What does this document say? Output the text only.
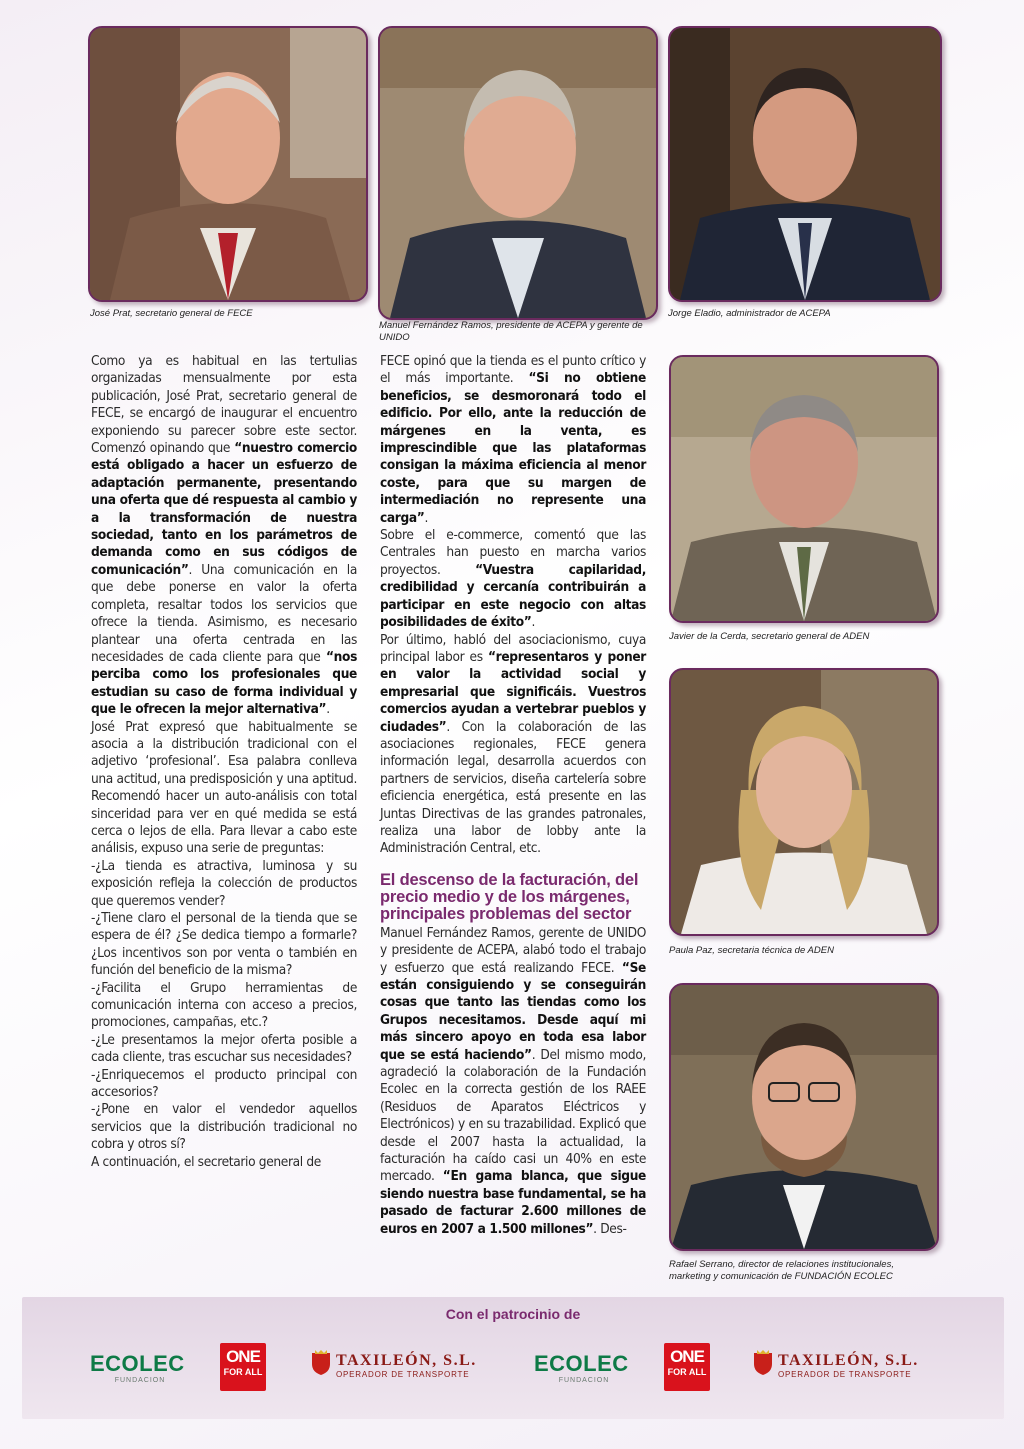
José Prat, secretario general de FECE
Manuel Fernández Ramos, presidente de ACEPA y gerente de UNIDO
Jorge Eladio, administrador de ACEPA
Javier de la Cerda, secretario general de ADEN
Paula Paz, secretaria técnica de ADEN
Rafael Serrano, director de relaciones institucionales,
marketing y comunicación de FUNDACIÓN ECOLEC

Como ya es habitual en las tertulias organizadas mensualmente por esta publicación, José Prat, secretario general de FECE, se encargó de inaugurar el encuentro exponiendo su parecer sobre este sector. Comenzó opinando que “nuestro comercio está obligado a hacer un esfuerzo de adaptación permanente, presentando una oferta que dé respuesta al cambio y a la transformación de nuestra sociedad, tanto en los parámetros de demanda como en sus códigos de comunicación”. Una comunicación en la que debe ponerse en valor la oferta completa, resaltar todos los servicios que ofrece la tienda. Asimismo, es necesario plantear una oferta centrada en las necesidades de cada cliente para que “nos perciba como los profesionales que estudian su caso de forma individual y que le ofrecen la mejor alternativa”.

José Prat expresó que habitualmente se asocia a la distribución tradicional con el adjetivo ‘profesional’. Esa palabra conlleva una actitud, una predisposición y una aptitud. Recomendó hacer un auto-análisis con total sinceridad para ver en qué medida se está cerca o lejos de ella. Para llevar a cabo este análisis, expuso una serie de preguntas:

-¿La tienda es atractiva, luminosa y su exposición refleja la colección de productos que queremos vender?

-¿Tiene claro el personal de la tienda que se espera de él? ¿Se dedica tiempo a formarle? ¿Los incentivos son por venta o también en función del beneficio de la misma?

-¿Facilita el Grupo herramientas de comunicación interna con acceso a precios, promociones, campañas, etc.?

-¿Le presentamos la mejor oferta posible a cada cliente, tras escuchar sus necesidades?

-¿Enriquecemos el producto principal con accesorios?

-¿Pone en valor el vendedor aquellos servicios que la distribución tradicional no cobra y otros sí?

A continuación, el secretario general de

FECE opinó que la tienda es el punto crítico y el más importante. “Si no obtiene beneficios, se desmoronará todo el edificio. Por ello, ante la reducción de márgenes en la venta, es imprescindible que las plataformas consigan la máxima eficiencia al menor coste, para que su margen de intermediación no represente una carga”.

Sobre el e-commerce, comentó que las Centrales han puesto en marcha varios proyectos. “Vuestra capilaridad, credibilidad y cercanía contribuirán a participar en este negocio con altas posibilidades de éxito”.

Por último, habló del asociacionismo, cuya principal labor es “representaros y poner en valor la actividad social y empresarial que significáis. Vuestros comercios ayudan a vertebrar pueblos y ciudades”. Con la colaboración de las asociaciones regionales, FECE genera información legal, desarrolla acuerdos con partners de servicios, diseña cartelería sobre eficiencia energética, está presente en las Juntas Directivas de las grandes patronales, realiza una labor de lobby ante la Administración Central, etc.

El descenso de la facturación, del precio medio y de los márgenes, principales problemas del sector

Manuel Fernández Ramos, gerente de UNIDO y presidente de ACEPA, alabó todo el trabajo y esfuerzo que está realizando FECE. “Se están consiguiendo y se conseguirán cosas que tanto las tiendas como los Grupos necesitamos. Desde aquí mi más sincero apoyo en toda esa labor que se está haciendo”. Del mismo modo, agradeció la colaboración de la Fundación Ecolec en la correcta gestión de los RAEE (Residuos de Aparatos Eléctricos y Electrónicos) y en su trazabilidad. Explicó que desde el 2007 hasta la actualidad, la facturación ha caído casi un 40% en este mercado. “En gama blanca, que sigue siendo nuestra base fundamental, se ha pasado de facturar 2.600 millones de euros en 2007 a 1.500 millones”. Des-

Con el patrocinio de
ECOLEC
FUNDACION
ONE
FOR ALL
TAXILEÓN, S.L.
OPERADOR DE TRANSPORTE	ECOLEC
FUNDACION
ONE
FOR ALL
TAXILEÓN, S.L.
OPERADOR DE TRANSPORTE
